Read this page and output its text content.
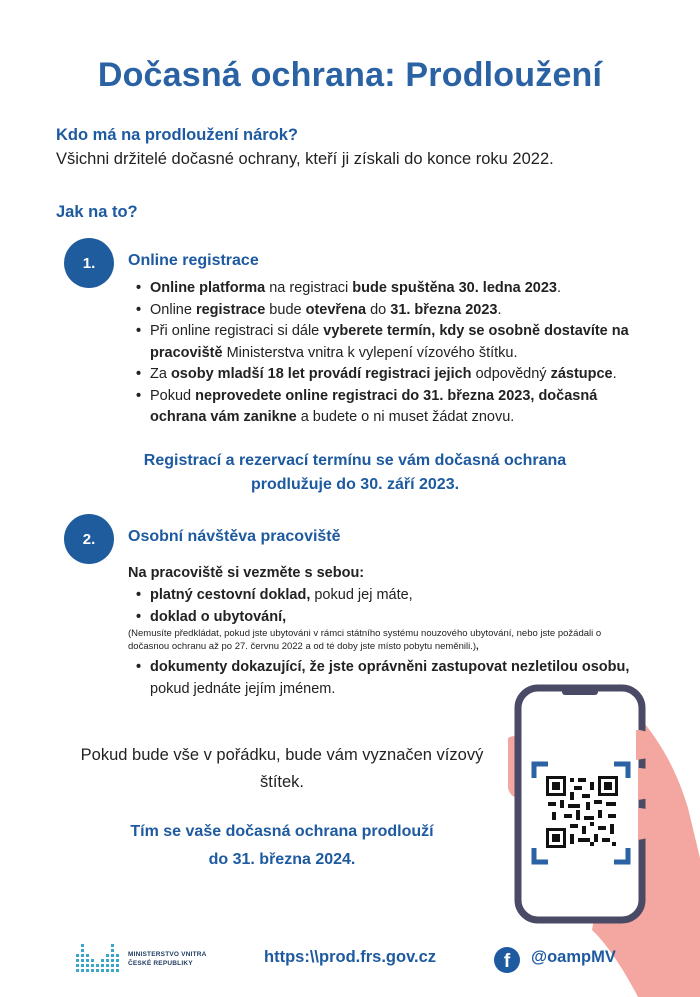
Dočasná ochrana: Prodloužení
Kdo má na prodloužení nárok?
Všichni držitelé dočasné ochrany, kteří ji získali do konce roku 2022.
Jak na to?
1.	Online registrace
• Online platforma na registraci bude spuštěna 30. ledna 2023.
• Online registrace bude otevřena do 31. března 2023.
• Při online registraci si dále vyberete termín, kdy se osobně dostavíte na pracoviště Ministerstva vnitra k vylepení vízového štítku.
• Za osoby mladší 18 let provádí registraci jejich odpovědný zástupce.
• Pokud neprovedete online registraci do 31. března 2023, dočasná ochrana vám zanikne a budete o ni muset žádat znovu.
Registrací a rezervací termínu se vám dočasná ochrana
prodlužuje do 30. září 2023.
2.	Osobní návštěva pracoviště
Na pracoviště si vezměte s sebou:
• platný cestovní doklad, pokud jej máte,
• doklad o ubytování,
(Nemusíte předkládat, pokud jste ubytováni v rámci státního systému nouzového ubytování, nebo jste požádali o dočasnou ochranu až po 27. červnu 2022 a od té doby jste místo pobytu neměnili.),
• dokumenty dokazující, že jste oprávněni zastupovat nezletilou osobu, pokud jednáte jejím jménem.
Pokud bude vše v pořádku, bude vám vyznačen vízový štítek.
Tím se vaše dočasná ochrana prodlouží
do 31. března 2024.
MINISTERSTVO VNITRA
ČESKÉ REPUBLIKY	https:\\prod.frs.gov.cz	f @oampMV
